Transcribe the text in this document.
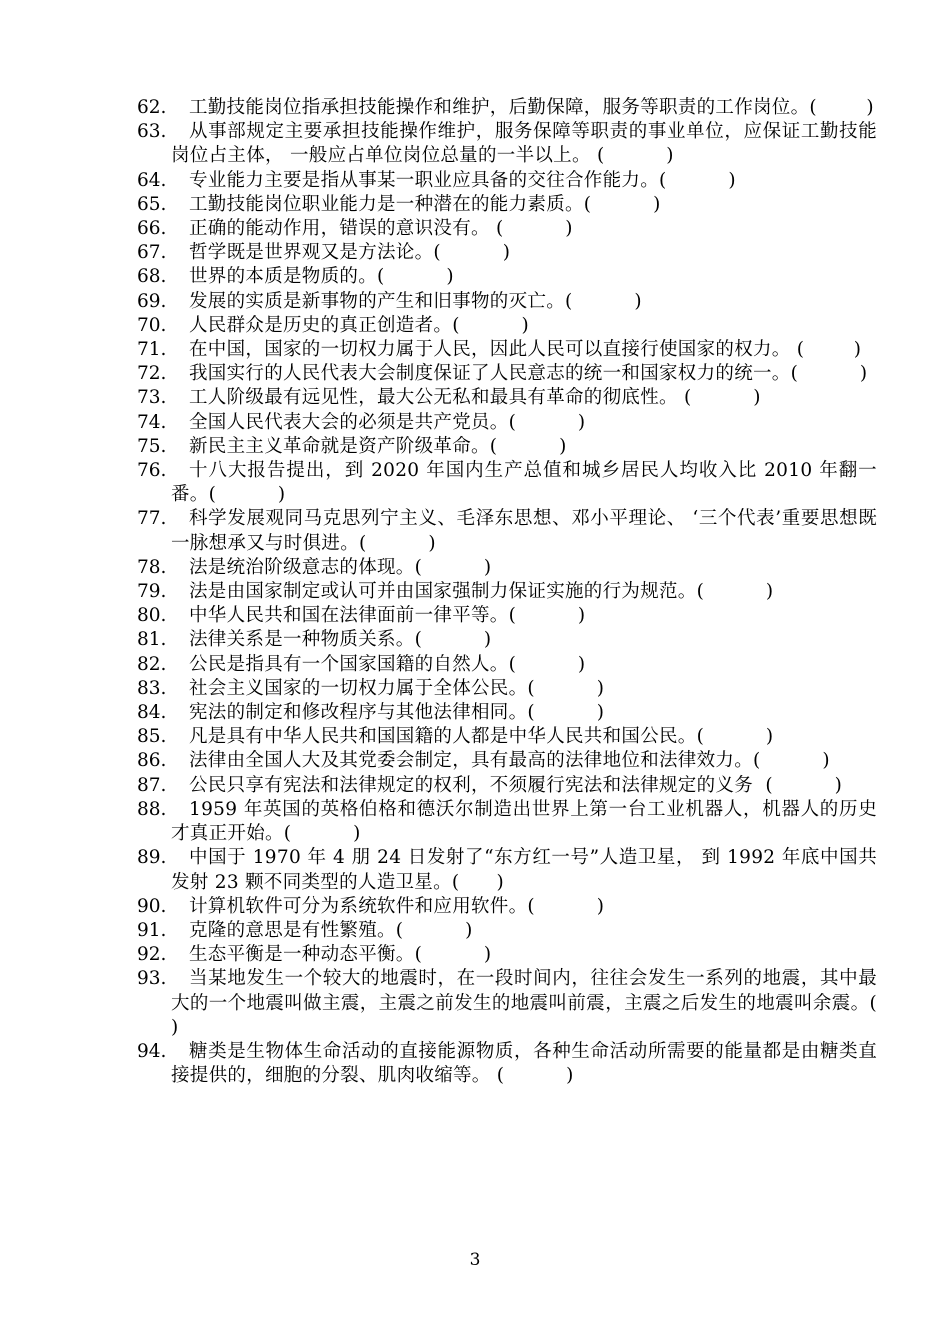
62.	工勤技能岗位指承担技能操作和维护，后勤保障，服务等职责的工作岗位。(        )
63.	从事部规定主要承担技能操作维护，服务保障等职责的事业单位，应保证工勤技能岗位占主体， 一般应占单位岗位总量的一半以上。 (          )
64.	专业能力主要是指从事某一职业应具备的交往合作能力。(          )
65.	工勤技能岗位职业能力是一种潜在的能力素质。(          )
66.	正确的能动作用，错误的意识没有。 (          )
67.	哲学既是世界观又是方法论。(          )
68.	世界的本质是物质的。(          )
69.	发展的实质是新事物的产生和旧事物的灭亡。(          )
70.	人民群众是历史的真正创造者。(          )
71.	在中国，国家的一切权力属于人民，因此人民可以直接行使国家的权力。 (        )
72.	我国实行的人民代表大会制度保证了人民意志的统一和国家权力的统一。(          )
73.	工人阶级最有远见性，最大公无私和最具有革命的彻底性。 (          )
74.	全国人民代表大会的必须是共产党员。(          )
75.	新民主主义革命就是资产阶级革命。(          )
76.	十八大报告提出，到 2020 年国内生产总值和城乡居民人均收入比 2010 年翻一番。(          )
77.	科学发展观同马克思列宁主义、毛泽东思想、邓小平理论、 ‘三个代表’重要思想既一脉想承又与时俱进。(          )
78.	法是统治阶级意志的体现。(          )
79.	法是由国家制定或认可并由国家强制力保证实施的行为规范。(          )
80.	中华人民共和国在法律面前一律平等。(          )
81.	法律关系是一种物质关系。(          )
82.	公民是指具有一个国家国籍的自然人。(          )
83.	社会主义国家的一切权力属于全体公民。(          )
84.	宪法的制定和修改程序与其他法律相同。(          )
85.	凡是具有中华人民共和国国籍的人都是中华人民共和国公民。(          )
86.	法律由全国人大及其党委会制定，具有最高的法律地位和法律效力。(          )
87.	公民只享有宪法和法律规定的权利，不须履行宪法和法律规定的义务  (          )
88.	1959 年英国的英格伯格和德沃尔制造出世界上第一台工业机器人，机器人的历史才真正开始。(          )
89.	中国于 1970 年 4 朋 24 日发射了“东方红一号”人造卫星， 到 1992 年底中国共发射 23 颗不同类型的人造卫星。(      )
90.	计算机软件可分为系统软件和应用软件。(          )
91.	克隆的意思是有性繁殖。(          )
92.	生态平衡是一种动态平衡。(          )
93.	当某地发生一个较大的地震时，在一段时间内，往往会发生一系列的地震，其中最大的一个地震叫做主震，主震之前发生的地震叫前震，主震之后发生的地震叫余震。(          )
94.	糖类是生物体生命活动的直接能源物质，各种生命活动所需要的能量都是由糖类直接提供的，细胞的分裂、肌肉收缩等。 (          )
3
